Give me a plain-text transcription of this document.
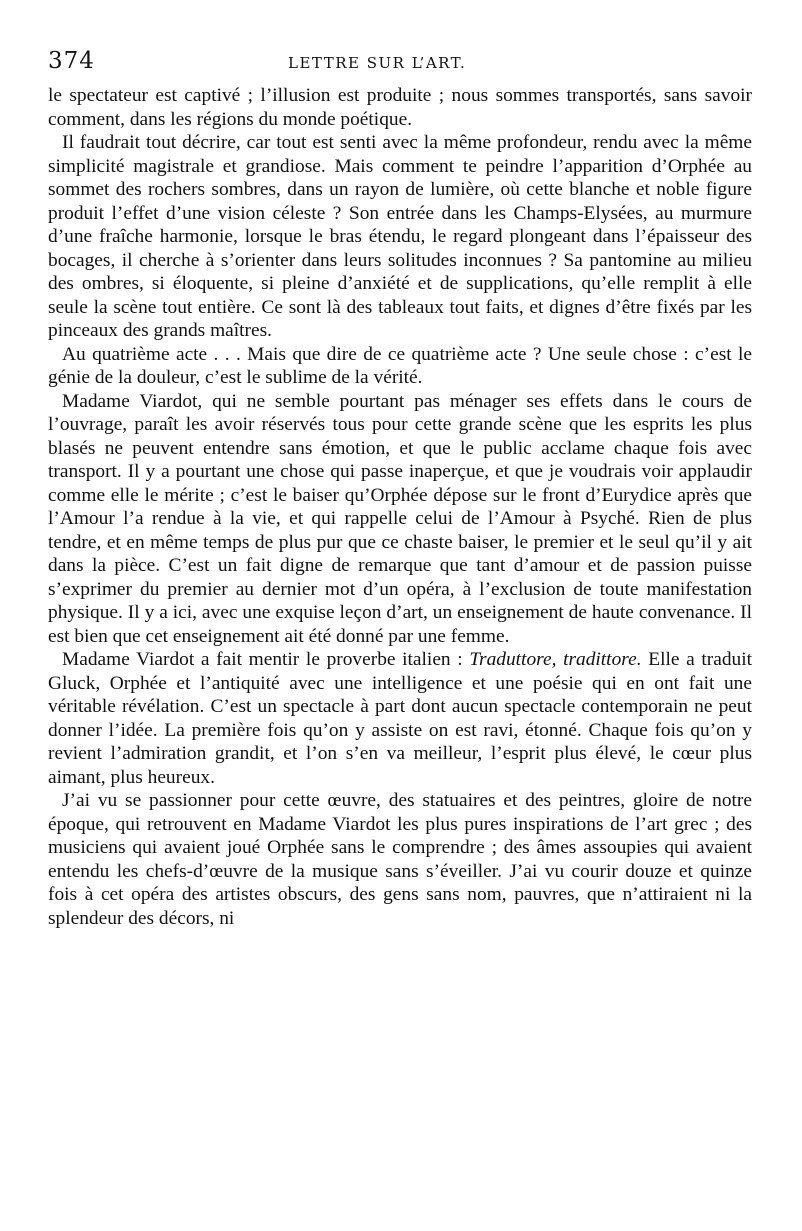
374	LETTRE SUR L’ART.

le spectateur est captivé ; l’illusion est produite ; nous sommes transportés, sans savoir comment, dans les régions du monde poétique.

Il faudrait tout décrire, car tout est senti avec la même profondeur, rendu avec la même simplicité magistrale et grandiose. Mais comment te peindre l’apparition d’Orphée au sommet des rochers sombres, dans un rayon de lumière, où cette blanche et noble figure produit l’effet d’une vision céleste ? Son entrée dans les Champs-Elysées, au murmure d’une fraîche harmonie, lorsque le bras étendu, le regard plongeant dans l’épaisseur des bocages, il cherche à s’orienter dans leurs solitudes inconnues ? Sa pantomine au milieu des ombres, si éloquente, si pleine d’anxiété et de supplications, qu’elle remplit à elle seule la scène tout entière. Ce sont là des tableaux tout faits, et dignes d’être fixés par les pinceaux des grands maîtres.

Au quatrième acte . . . Mais que dire de ce quatrième acte ? Une seule chose : c’est le génie de la douleur, c’est le sublime de la vérité.

Madame Viardot, qui ne semble pourtant pas ménager ses effets dans le cours de l’ouvrage, paraît les avoir réservés tous pour cette grande scène que les esprits les plus blasés ne peuvent entendre sans émotion, et que le public acclame chaque fois avec transport. Il y a pourtant une chose qui passe inaperçue, et que je voudrais voir applaudir comme elle le mérite ; c’est le baiser qu’Orphée dépose sur le front d’Eurydice après que l’Amour l’a rendue à la vie, et qui rappelle celui de l’Amour à Psyché. Rien de plus tendre, et en même temps de plus pur que ce chaste baiser, le premier et le seul qu’il y ait dans la pièce. C’est un fait digne de remarque que tant d’amour et de passion puisse s’exprimer du premier au dernier mot d’un opéra, à l’exclusion de toute manifestation physique. Il y a ici, avec une exquise leçon d’art, un enseignement de haute convenance. Il est bien que cet enseignement ait été donné par une femme.

Madame Viardot a fait mentir le proverbe italien : Traduttore, tradittore. Elle a traduit Gluck, Orphée et l’antiquité avec une intelligence et une poésie qui en ont fait une véritable révélation. C’est un spectacle à part dont aucun spectacle contemporain ne peut donner l’idée. La première fois qu’on y assiste on est ravi, étonné. Chaque fois qu’on y revient l’admiration grandit, et l’on s’en va meilleur, l’esprit plus élevé, le cœur plus aimant, plus heureux.

J’ai vu se passionner pour cette œuvre, des statuaires et des peintres, gloire de notre époque, qui retrouvent en Madame Viardot les plus pures inspirations de l’art grec ; des musiciens qui avaient joué Orphée sans le comprendre ; des âmes assoupies qui avaient entendu les chefs-d’œuvre de la musique sans s’éveiller. J’ai vu courir douze et quinze fois à cet opéra des artistes obscurs, des gens sans nom, pauvres, que n’attiraient ni la splendeur des décors, ni
